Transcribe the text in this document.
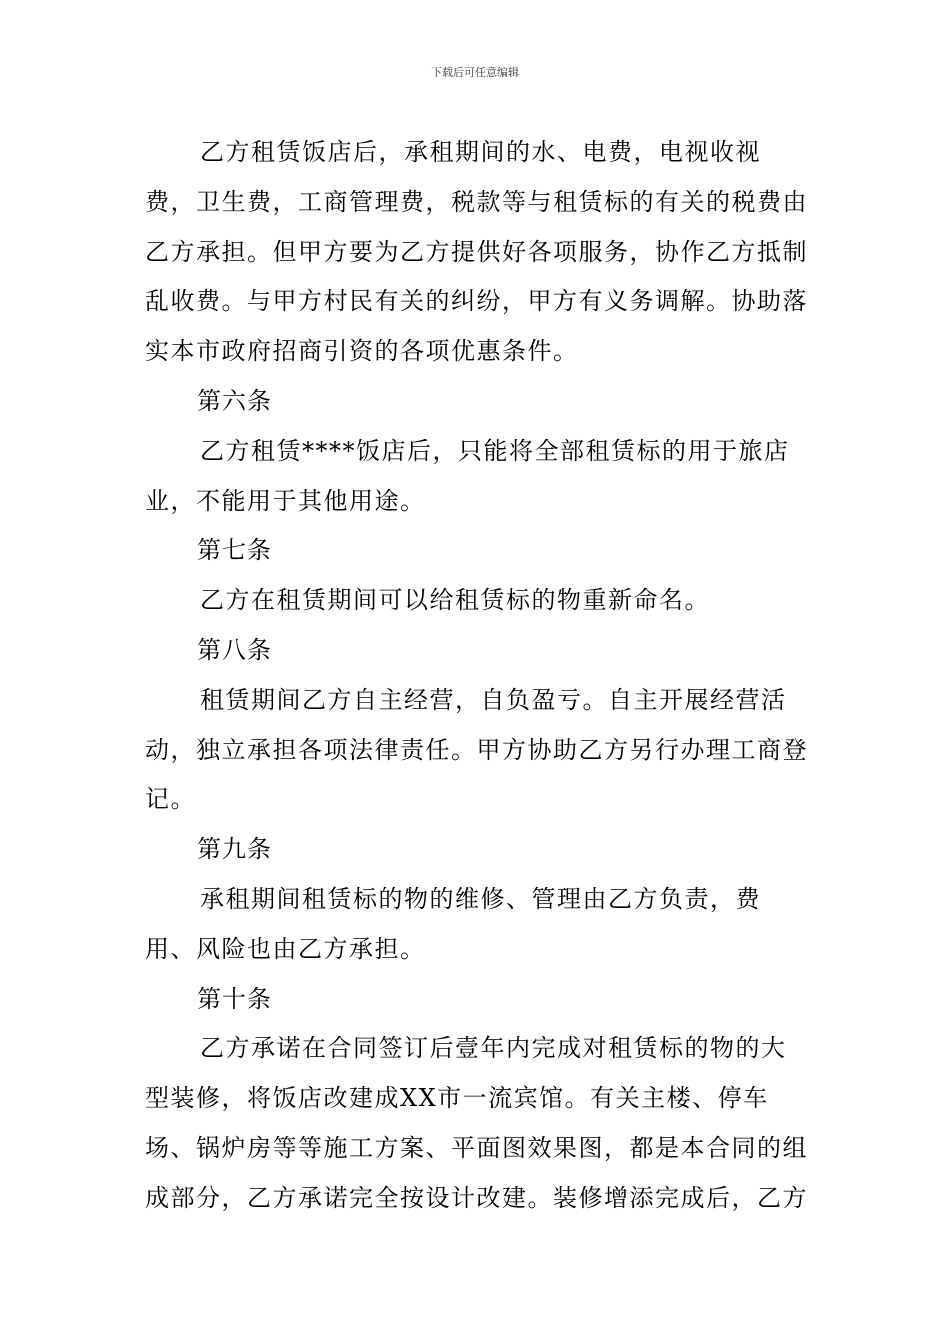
下载后可任意编辑

乙方租赁饭店后，承租期间的水、电费，电视收视费，卫生费，工商管理费，税款等与租赁标的有关的税费由乙方承担。但甲方要为乙方提供好各项服务，协作乙方抵制乱收费。与甲方村民有关的纠纷，甲方有义务调解。协助落实本市政府招商引资的各项优惠条件。

第六条

乙方租赁****饭店后，只能将全部租赁标的用于旅店业，不能用于其他用途。

第七条

乙方在租赁期间可以给租赁标的物重新命名。

第八条

租赁期间乙方自主经营，自负盈亏。自主开展经营活动，独立承担各项法律责任。甲方协助乙方另行办理工商登记。

第九条

承租期间租赁标的物的维修、管理由乙方负责，费用、风险也由乙方承担。

第十条

乙方承诺在合同签订后壹年内完成对租赁标的物的大型装修，将饭店改建成XX市一流宾馆。有关主楼、停车场、锅炉房等等施工方案、平面图效果图，都是本合同的组成部分，乙方承诺完全按设计改建。装修增添完成后，乙方
